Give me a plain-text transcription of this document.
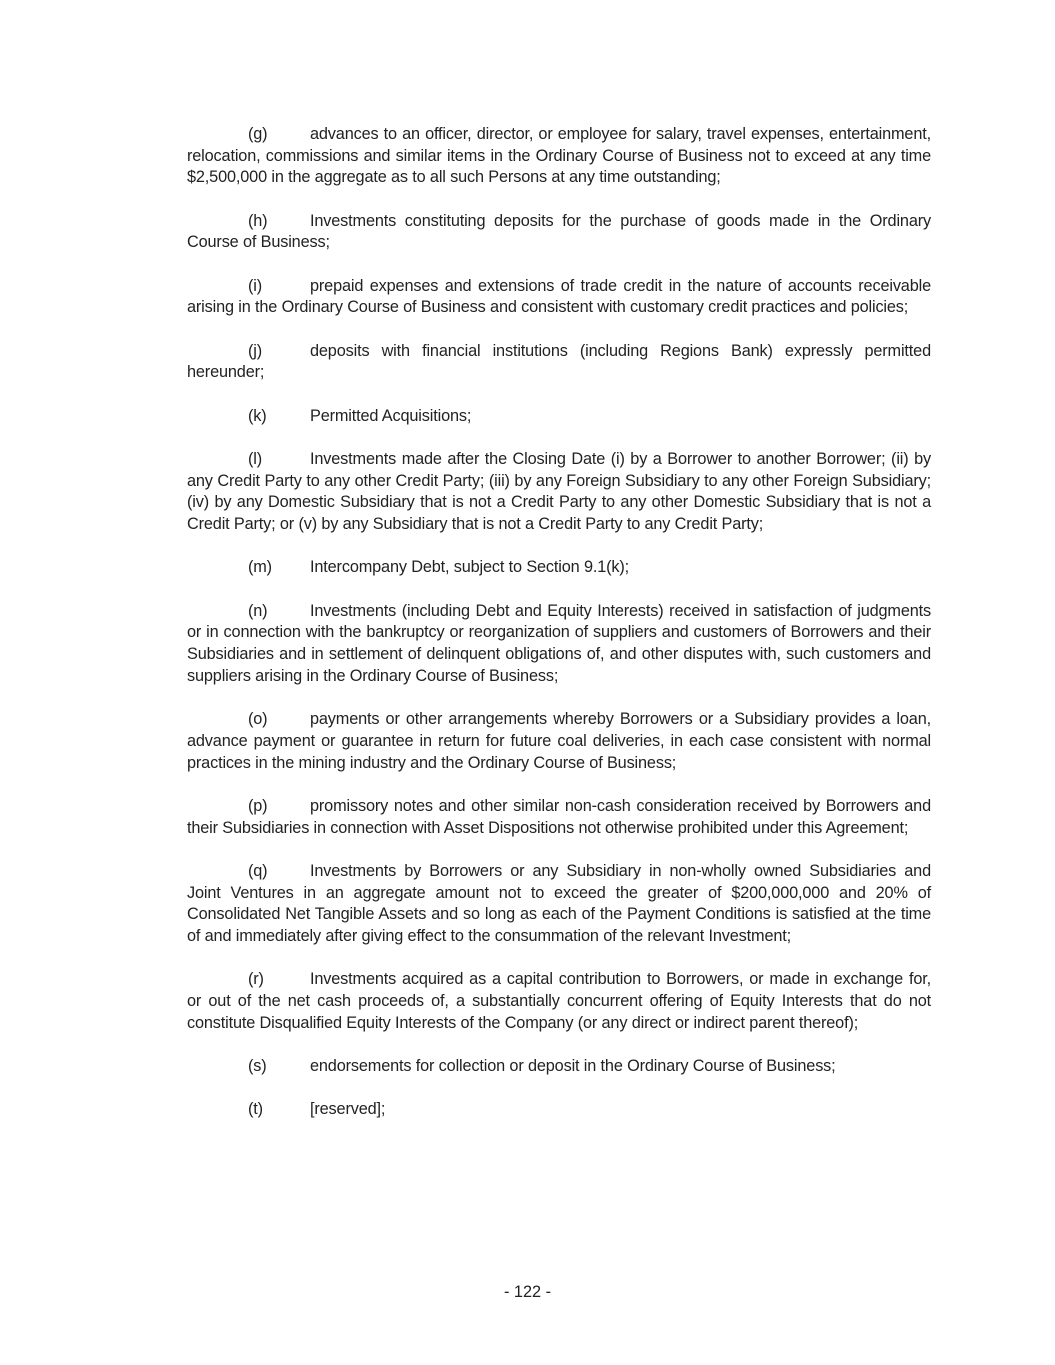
(g)	advances to an officer, director, or employee for salary, travel expenses, entertainment, relocation, commissions and similar items in the Ordinary Course of Business not to exceed at any time $2,500,000 in the aggregate as to all such Persons at any time outstanding;

(h)	Investments constituting deposits for the purchase of goods made in the Ordinary Course of Business;

(i)	prepaid expenses and extensions of trade credit in the nature of accounts receivable arising in the Ordinary Course of Business and consistent with customary credit practices and policies;

(j)	deposits with financial institutions (including Regions Bank) expressly permitted hereunder;

(k)	Permitted Acquisitions;

(l)	Investments made after the Closing Date (i) by a Borrower to another Borrower; (ii) by any Credit Party to any other Credit Party; (iii) by any Foreign Subsidiary to any other Foreign Subsidiary; (iv) by any Domestic Subsidiary that is not a Credit Party to any other Domestic Subsidiary that is not a Credit Party; or (v) by any Subsidiary that is not a Credit Party to any Credit Party;

(m) Intercompany Debt, subject to Section 9.1(k);

(n)	Investments (including Debt and Equity Interests) received in satisfaction of judgments or in connection with the bankruptcy or reorganization of suppliers and customers of Borrowers and their Subsidiaries and in settlement of delinquent obligations of, and other disputes with, such customers and suppliers arising in the Ordinary Course of Business;

(o)	payments or other arrangements whereby Borrowers or a Subsidiary provides a loan, advance payment or guarantee in return for future coal deliveries, in each case consistent with normal practices in the mining industry and the Ordinary Course of Business;

(p)	promissory notes and other similar non-cash consideration received by Borrowers and their Subsidiaries in connection with Asset Dispositions not otherwise prohibited under this Agreement;

(q)	Investments by Borrowers or any Subsidiary in non-wholly owned Subsidiaries and Joint Ventures in an aggregate amount not to exceed the greater of $200,000,000 and 20% of Consolidated Net Tangible Assets and so long as each of the Payment Conditions is satisfied at the time of and immediately after giving effect to the consummation of the relevant Investment;

(r)	Investments acquired as a capital contribution to Borrowers, or made in exchange for, or out of the net cash proceeds of, a substantially concurrent offering of Equity Interests that do not constitute Disqualified Equity Interests of the Company (or any direct or indirect parent thereof);

(s)	endorsements for collection or deposit in the Ordinary Course of Business;

(t)	[reserved];

- 122 -
